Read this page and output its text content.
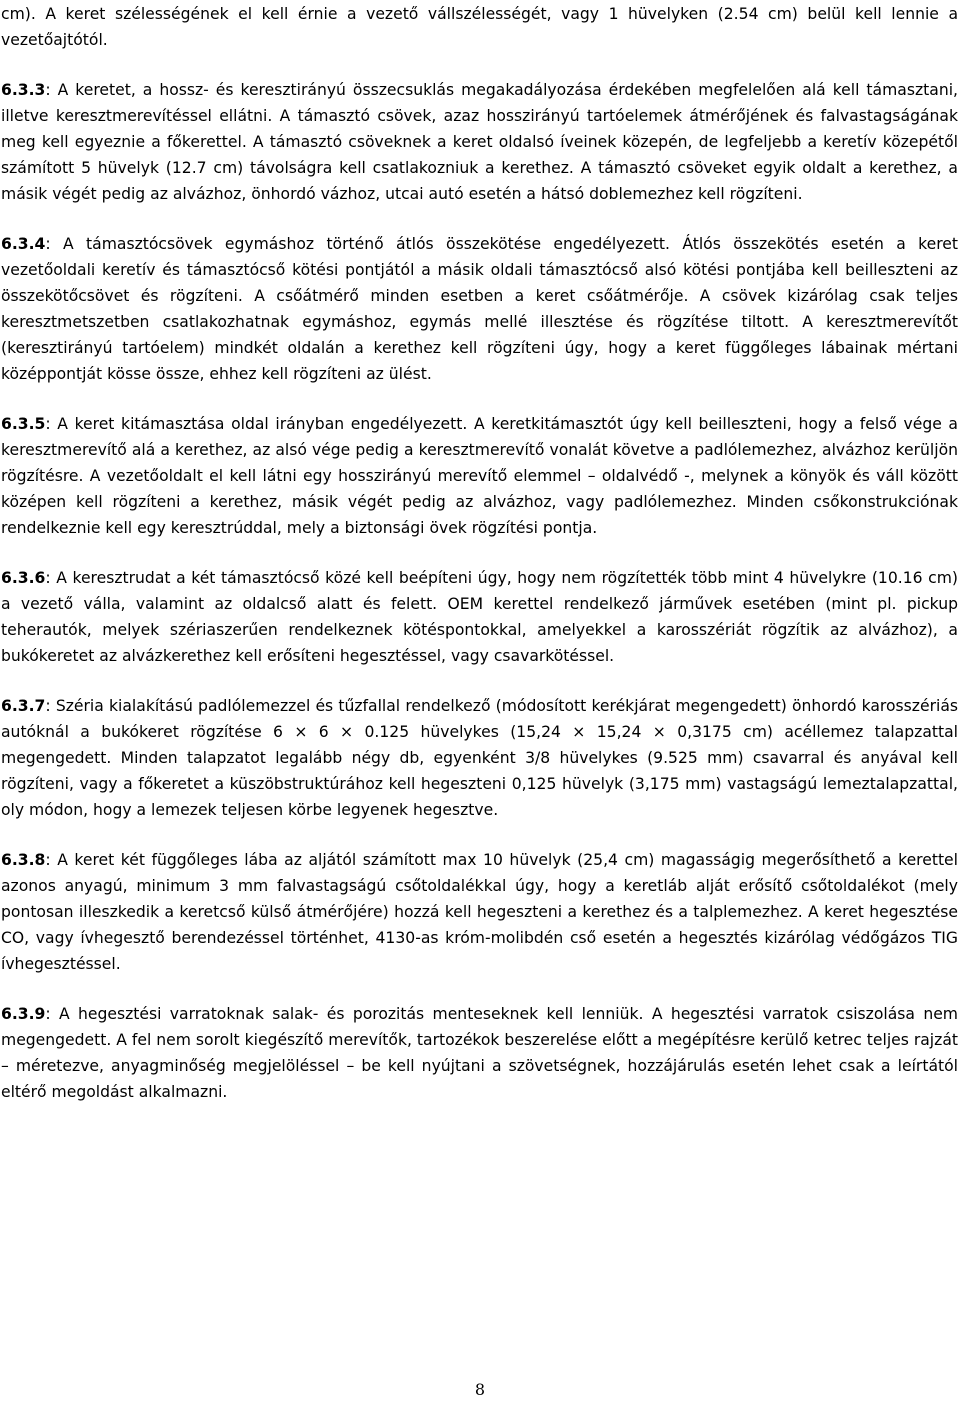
cm). A keret szélességének el kell érnie a vezető vállszélességét, vagy 1 hüvelyken (2.54 cm) belül kell lennie a vezetőajtótól.

6.3.3: A keretet, a hossz- és keresztirányú összecsuklás megakadályozása érdekében megfelelően alá kell támasztani, illetve keresztmerevítéssel ellátni. A támasztó csövek, azaz hosszirányú tartóelemek átmérőjének és falvastagságának meg kell egyeznie a főkerettel. A támasztó csöveknek a keret oldalsó íveinek közepén, de legfeljebb a keretív közepétől számított 5 hüvelyk (12.7 cm) távolságra kell csatlakozniuk a kerethez. A támasztó csöveket egyik oldalt a kerethez, a másik végét pedig az alvázhoz, önhordó vázhoz, utcai autó esetén a hátsó doblemezhez kell rögzíteni.

6.3.4: A támasztócsövek egymáshoz történő átlós összekötése engedélyezett. Átlós összekötés esetén a keret vezetőoldali keretív és támasztócső kötési pontjától a másik oldali támasztócső alsó kötési pontjába kell beilleszteni az összekötőcsövet és rögzíteni. A csőátmérő minden esetben a keret csőátmérője. A csövek kizárólag csak teljes keresztmetszetben csatlakozhatnak egymáshoz, egymás mellé illesztése és rögzítése tiltott. A keresztmerevítőt (keresztirányú tartóelem) mindkét oldalán a kerethez kell rögzíteni úgy, hogy a keret függőleges lábainak mértani középpontját kösse össze, ehhez kell rögzíteni az ülést.

6.3.5: A keret kitámasztása oldal irányban engedélyezett. A keretkitámasztót úgy kell beilleszteni, hogy a felső vége a keresztmerevítő alá a kerethez, az alsó vége pedig a keresztmerevítő vonalát követve a padlólemezhez, alvázhoz kerüljön rögzítésre. A vezetőoldalt el kell látni egy hosszirányú merevítő elemmel – oldalvédő -, melynek a könyök és váll között középen kell rögzíteni a kerethez, másik végét pedig az alvázhoz, vagy padlólemezhez. Minden csőkonstrukciónak rendelkeznie kell egy keresztrúddal, mely a biztonsági övek rögzítési pontja.

6.3.6: A keresztrudat a két támasztócső közé kell beépíteni úgy, hogy nem rögzítették több mint 4 hüvelykre (10.16 cm) a vezető válla, valamint az oldalcső alatt és felett. OEM kerettel rendelkező járművek esetében (mint pl. pickup teherautók, melyek szériaszerűen rendelkeznek kötéspontokkal, amelyekkel a karosszériát rögzítik az alvázhoz), a bukókeretet az alvázkerethez kell erősíteni hegesztéssel, vagy csavarkötéssel.

6.3.7: Széria kialakítású padlólemezzel és tűzfallal rendelkező (módosított kerékjárat megengedett) önhordó karosszériás autóknál a bukókeret rögzítése 6 × 6 × 0.125 hüvelykes (15,24 × 15,24 × 0,3175 cm) acéllemez talapzattal megengedett. Minden talapzatot legalább négy db, egyenként 3/8 hüvelykes (9.525 mm) csavarral és anyával kell rögzíteni, vagy a főkeretet a küszöbstruktúrához kell hegeszteni 0,125 hüvelyk (3,175 mm) vastagságú lemeztalapzattal, oly módon, hogy a lemezek teljesen körbe legyenek hegesztve.

6.3.8: A keret két függőleges lába az aljától számított max 10 hüvelyk (25,4 cm) magasságig megerősíthető a kerettel azonos anyagú, minimum 3 mm falvastagságú csőtoldalékkal úgy, hogy a keretláb alját erősítő csőtoldalékot (mely pontosan illeszkedik a keretcső külső átmérőjére) hozzá kell hegeszteni a kerethez és a talplemezhez. A keret hegesztése CO, vagy ívhegesztő berendezéssel történhet, 4130-as króm-molibdén cső esetén a hegesztés kizárólag védőgázos TIG ívhegesztéssel.

6.3.9: A hegesztési varratoknak salak- és porozitás menteseknek kell lenniük. A hegesztési varratok csiszolása nem megengedett. A fel nem sorolt kiegészítő merevítők, tartozékok beszerelése előtt a megépítésre kerülő ketrec teljes rajzát – méretezve, anyagminőség megjelöléssel – be kell nyújtani a szövetségnek, hozzájárulás esetén lehet csak a leírtától eltérő megoldást alkalmazni.

8
